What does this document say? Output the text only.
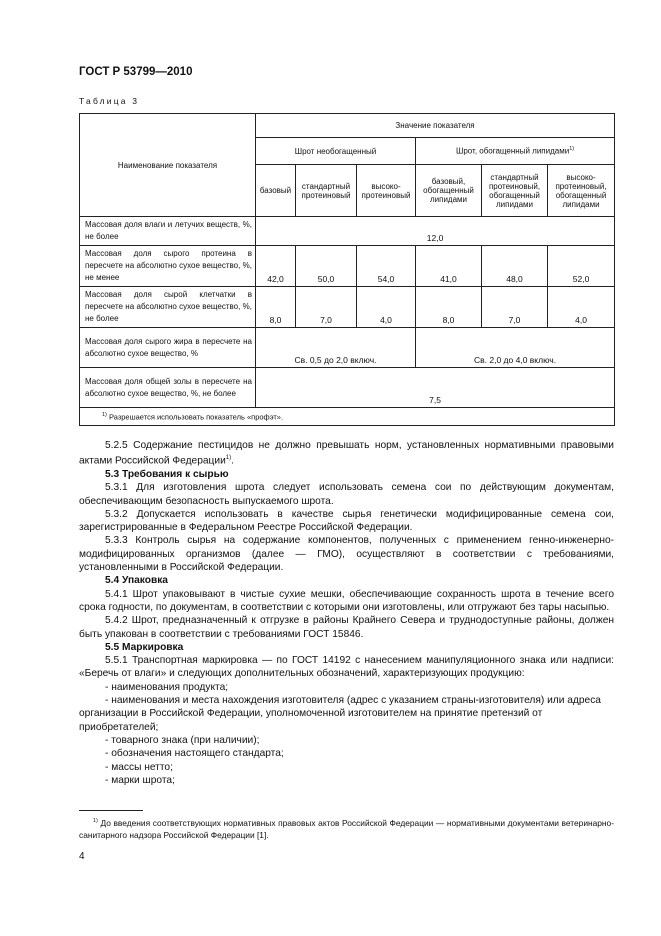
ГОСТ Р 53799—2010
Таблица 3
Наименование показателя	Значение показателя					
	Шрот необогащенный			Шрот, обогащенный липидами$^{1)}$
	базовый	стандартный протеиновый	высоко-протеиновый	базовый, обогащенный липидами	стандартный протеиновый, обогащенный липидами	высоко-протеиновый, обогащенный липидами
Массовая доля влаги и летучих веществ, %, не более	12,0					
Массовая доля сырого протеина в пересчете на абсолютно сухое вещество, %, не менее	42,0	50,0	54,0	41,0	48,0	52,0
Массовая доля сырой клетчатки в пересчете на абсолютно сухое вещество, %, не более	8,0	7,0	4,0	8,0	7,0	4,0
Массовая доля сырого жира в пересчете на абсолютно сухое вещество, %	Св. 0,5 до 2,0 включ.			Св. 2,0 до 4,0 включ.		
Массовая доля общей золы в пересчете на абсолютно сухое вещество, %, не более	7,5					
$^{1)}$ Разрешается использовать показатель «профэт».						

5.2.5 Содержание пестицидов не должно превышать норм, установленных нормативными правовыми актами Российской Федерации$^{1)}$.

5.3 Требования к сырью

5.3.1 Для изготовления шрота следует использовать семена сои по действующим документам, обеспечивающим безопасность выпускаемого шрота.

5.3.2 Допускается использовать в качестве сырья генетически модифицированные семена сои, зарегистрированные в Федеральном Реестре Российской Федерации.

5.3.3 Контроль сырья на содержание компонентов, полученных с применением генно-инженерно-модифицированных организмов (далее — ГМО), осуществляют в соответствии с требованиями, установленными в Российской Федерации.

5.4 Упаковка

5.4.1 Шрот упаковывают в чистые сухие мешки, обеспечивающие сохранность шрота в течение всего срока годности, по документам, в соответствии с которыми они изготовлены, или отгружают без тары насыпью.

5.4.2 Шрот, предназначенный к отгрузке в районы Крайнего Севера и труднодоступные районы, должен быть упакован в соответствии с требованиями ГОСТ 15846.

5.5 Маркировка

5.5.1 Транспортная маркировка — по ГОСТ 14192 с нанесением манипуляционного знака или надписи: «Беречь от влаги» и следующих дополнительных обозначений, характеризующих продукцию:

- наименования продукта;

- наименования и места нахождения изготовителя (адрес с указанием страны-изготовителя) или адреса организации в Российской Федерации, уполномоченной изготовителем на принятие претензий от приобретателей;

- товарного знака (при наличии);

- обозначения настоящего стандарта;

- массы нетто;

- марки шрота;

$^{1)}$ До введения соответствующих нормативных правовых актов Российской Федерации — нормативными документами ветеринарно-санитарного надзора Российской Федерации [1].
4
